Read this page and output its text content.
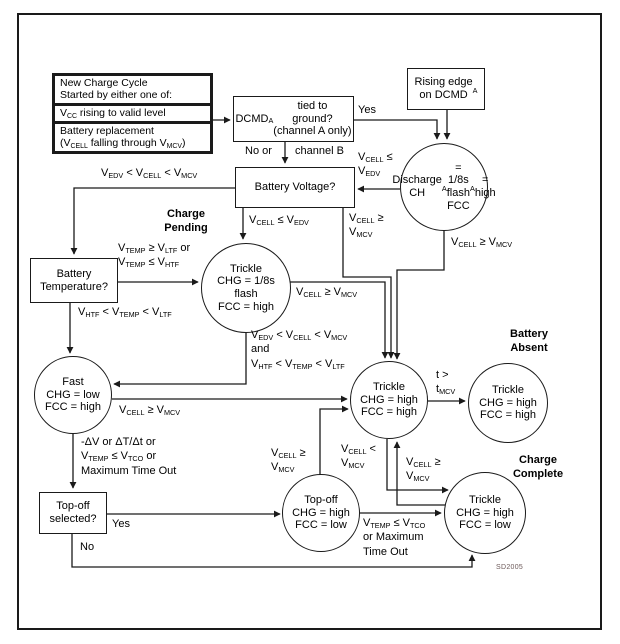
New Charge Cycle
Started by either one of:
$V_{CC}$ rising to valid level
Battery replacement
($V_{CELL}$ falling through $V_{MCV}$)
$DCMD_A$
tied to
ground?
(channel A only)
Rising edge
on DCMD $_A$
Battery Voltage?
Battery
Temperature?
Top-off
selected?
Discharge
CH $_A$
= 1/8s
flash
FCC
$_A$
= high
Trickle
CHG = 1/8s
flash
FCC = high
Fast
CHG = low
FCC = high
Trickle
CHG = high
FCC = high
Trickle
CHG = high
FCC = high
Top-off
CHG = high
FCC = low
Trickle
CHG = high
FCC = low
Charge
Pending
Battery
Absent
Charge
Complete
Yes
No or channel B $V_{CELL}$ ≤
$V_{EDV}$
$V_{EDV} < V_{CELL} < V_{MCV}$
$V_{CELL} \le V_{EDV}$	$V_{CELL}$ ≥
$V_{MCV}$
$V_{CELL} \ge V_{MCV}$
$V_{TEMP} \ge V_{LTF}$ or
$V_{TEMP} \le V_{HTF}$
$V_{HTF} < V_{TEMP} < V_{LTF}$
$V_{CELL} \ge V_{MCV}$
$V_{EDV} < V_{CELL} < V_{MCV}$
and
$V_{HTF} < V_{TEMP} < V_{LTF}$
$V_{CELL} \ge V_{MCV}$
t >
$t_{MCV}$
-ΔV or ΔT/Δt or
$V_{TEMP} \le V_{TCO}$ or
Maximum Time Out
Yes
No
$V_{CELL}$ ≥
$V_{MCV}$
$V_{CELL}$ <
$V_{MCV}$	$V_{CELL}$ ≥
$V_{MCV}$
$V_{TEMP} \le V_{TCO}$
or Maximum
Time Out
SD2005
